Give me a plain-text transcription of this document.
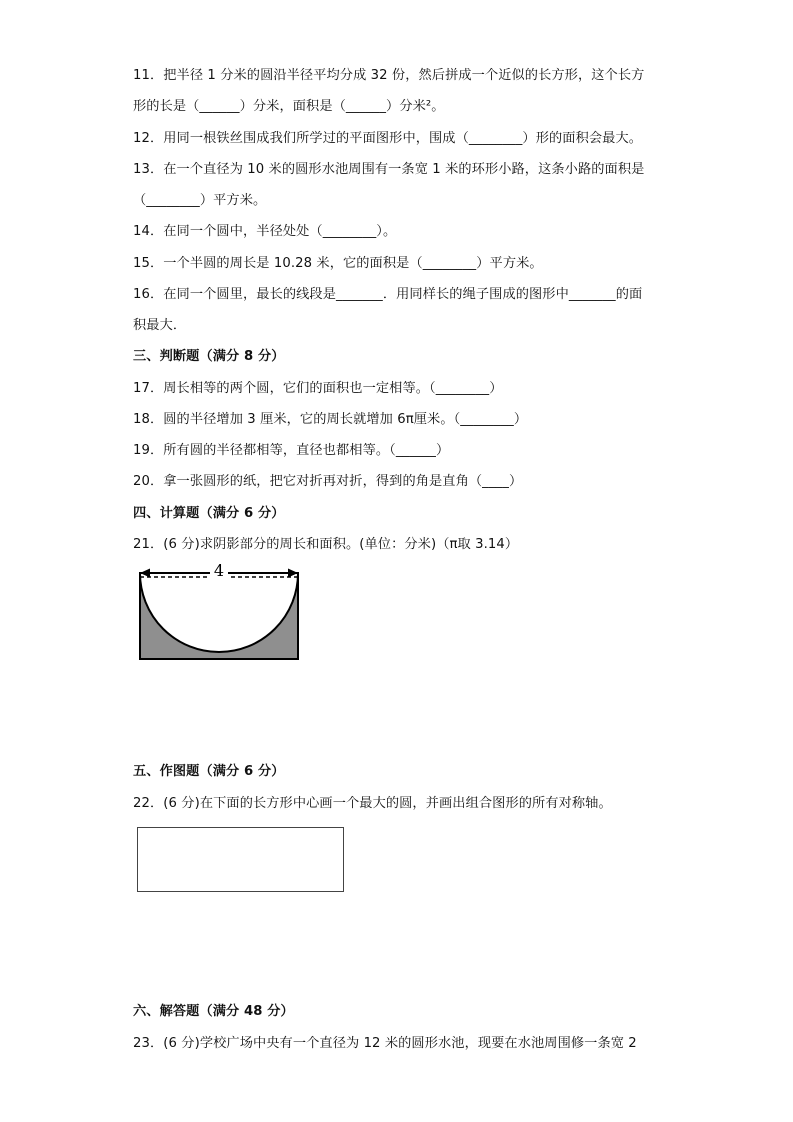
11．把半径 1 分米的圆沿半径平均分成 32 份，然后拼成一个近似的长方形，这个长方
形的长是（______）分米，面积是（______）分米²。
12．用同一根铁丝围成我们所学过的平面图形中，围成（________）形的面积会最大。
13．在一个直径为 10 米的圆形水池周围有一条宽 1 米的环形小路，这条小路的面积是
（________）平方米。
14．在同一个圆中，半径处处（________）。
15．一个半圆的周长是 10.28 米，它的面积是（________）平方米。
16．在同一个圆里，最长的线段是_______．用同样长的绳子围成的图形中_______的面
积最大．
三、判断题（满分 8 分）
17．周长相等的两个圆，它们的面积也一定相等。（________）
18．圆的半径增加 3 厘米，它的周长就增加 6π厘米。（________）
19．所有圆的半径都相等，直径也都相等。（______）
20．拿一张圆形的纸，把它对折再对折，得到的角是直角（____）
四、计算题（满分 6 分）
21．(6 分)求阴影部分的周长和面积。(单位：分米)（π取 3.14）
4
五、作图题（满分 6 分）
22．(6 分)在下面的长方形中心画一个最大的圆，并画出组合图形的所有对称轴。
六、解答题（满分 48 分）
23．(6 分)学校广场中央有一个直径为 12 米的圆形水池，现要在水池周围修一条宽 2
